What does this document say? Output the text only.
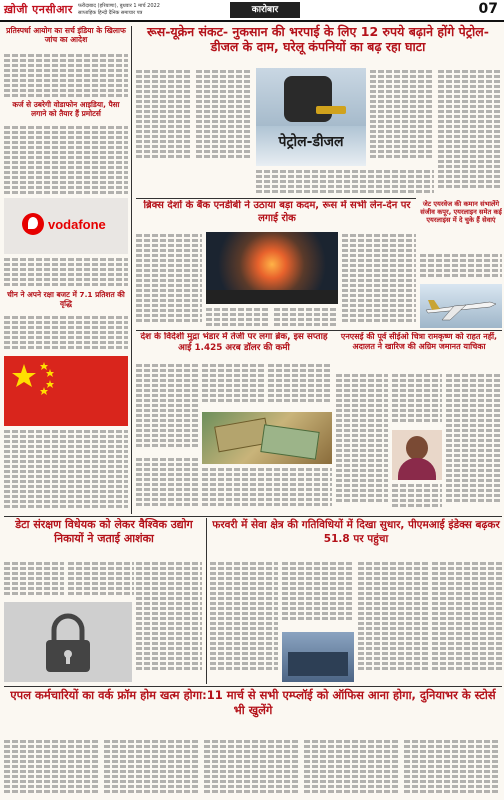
ख़ोजी एनसीआर फरीदाबाद (हरियाणा), बुधवार 1 मार्च 2022
साप्ताहिक हिन्दी दैनिक समाचार पत्र	कारोबार	07
प्रतिस्पर्धा आयोग का सर्च इंडिया के खिलाफ जांच का आदेश
कर्ज से उबरेगी वोडाफोन आइडिया, पैसा लगाने को तैयार हैं प्रमोटर्स
vodafone
चीन ने अपने रक्षा बजट में 7.1 प्रतिशत की वृद्धि
रूस-यूक्रेन संकट- नुकसान की भरपाई के लिए 12 रुपये बढ़ाने होंगे पेट्रोल-डीजल के दाम, घरेलू कंपनियों का बढ़ रहा घाटा
पेट्रोल-डीजल
ब्रिक्स देशों के बैंक एनडीबी ने उठाया बड़ा कदम, रूस में सभी लेन-देन पर लगाई रोक
जेट एयरवेज की कमान संभालेंगे संजीव कपूर, एयरलाइन समेत कई एयरलाइंस में दे चुके हैं सेवाएं
देश के विदेशी मुद्रा भंडार में तेजी पर लगा ब्रेक, इस सप्ताह आई 1.425 अरब डॉलर की कमी
एनएसई की पूर्व सीईओ चित्रा रामकृष्ण को राहत नहीं, अदालत ने खारिज की अग्रिम जमानत याचिका
डेटा संरक्षण विधेयक को लेकर वैश्विक उद्योग निकायों ने जताई आशंका
फरवरी में सेवा क्षेत्र की गतिविधियों में दिखा सुधार, पीएमआई इंडेक्स बढ़कर 51.8 पर पहुंचा
एपल कर्मचारियों का वर्क फ्रॉम होम खत्म होगा:11 मार्च से सभी एम्प्लॉई को ऑफिस आना होगा, दुनियाभर के स्टोर्स भी खुलेंगे
